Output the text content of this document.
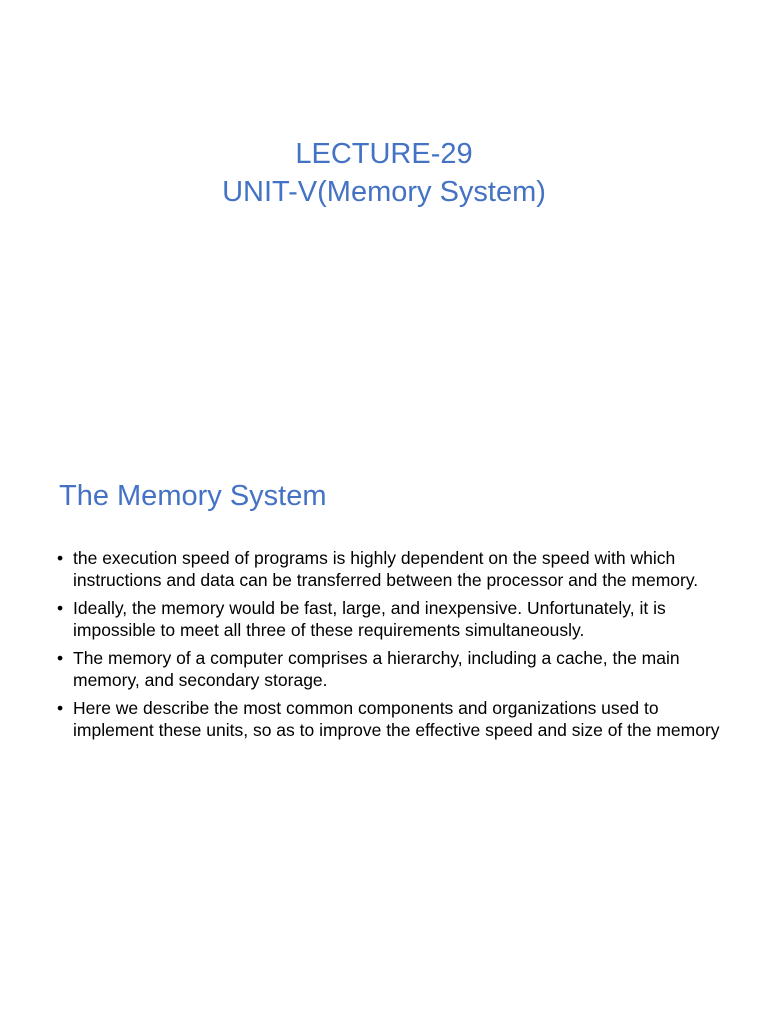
LECTURE-29
UNIT-V(Memory System)
The Memory System
• the execution speed of programs is highly dependent on the speed with which instructions and data can be transferred between the processor and the memory.
• Ideally, the memory would be fast, large, and inexpensive. Unfortunately, it is impossible to meet all three of these requirements simultaneously.
• The memory of a computer comprises a hierarchy, including a cache, the main memory, and secondary storage.
• Here we describe the most common components and organizations used to implement these units, so as to improve the effective speed and size of the memory
